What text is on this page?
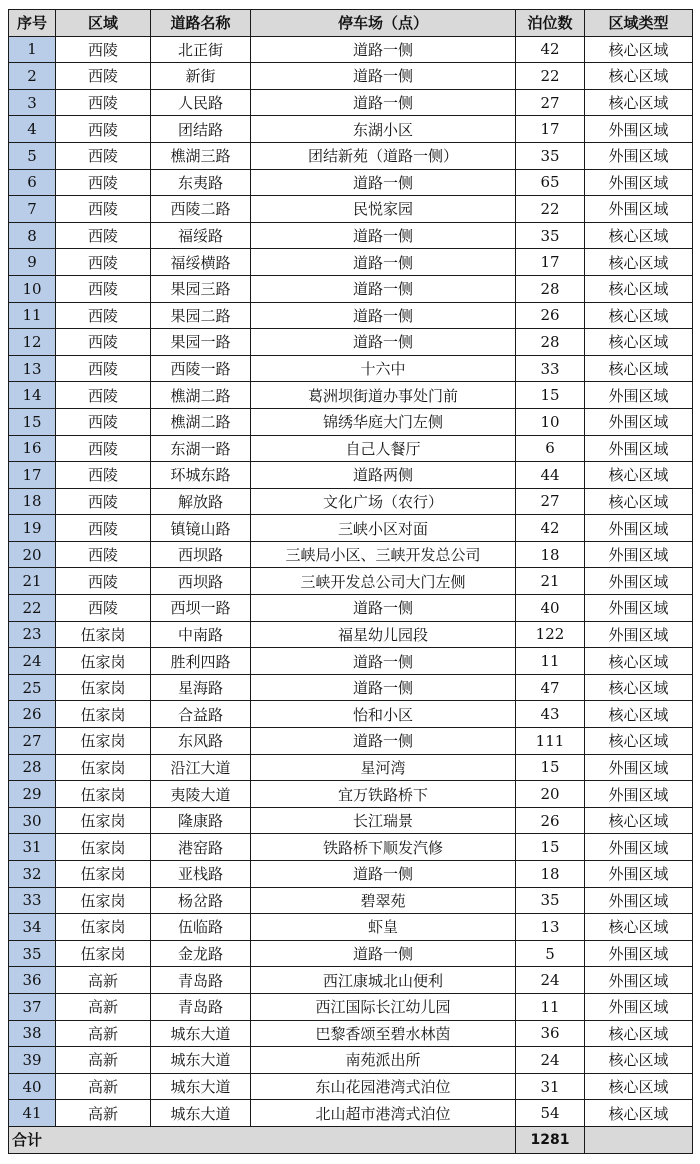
序号	区域	道路名称	停车场（点）	泊位数	区域类型
1	西陵	北正街	道路一侧	42	核心区域
2	西陵	新街	道路一侧	22	核心区域
3	西陵	人民路	道路一侧	27	核心区域
4	西陵	团结路	东湖小区	17	外围区域
5	西陵	樵湖三路	团结新苑（道路一侧）	35	外围区域
6	西陵	东夷路	道路一侧	65	外围区域
7	西陵	西陵二路	民悦家园	22	外围区域
8	西陵	福绥路	道路一侧	35	核心区域
9	西陵	福绥横路	道路一侧	17	核心区域
10	西陵	果园三路	道路一侧	28	核心区域
11	西陵	果园二路	道路一侧	26	核心区域
12	西陵	果园一路	道路一侧	28	核心区域
13	西陵	西陵一路	十六中	33	核心区域
14	西陵	樵湖二路	葛洲坝街道办事处门前	15	外围区域
15	西陵	樵湖二路	锦绣华庭大门左侧	10	外围区域
16	西陵	东湖一路	自己人餐厅	6	外围区域
17	西陵	环城东路	道路两侧	44	核心区域
18	西陵	解放路	文化广场（农行）	27	核心区域
19	西陵	镇镜山路	三峡小区对面	42	外围区域
20	西陵	西坝路	三峡局小区、三峡开发总公司	18	外围区域
21	西陵	西坝路	三峡开发总公司大门左侧	21	外围区域
22	西陵	西坝一路	道路一侧	40	外围区域
23	伍家岗	中南路	福星幼儿园段	122	外围区域
24	伍家岗	胜利四路	道路一侧	11	核心区域
25	伍家岗	星海路	道路一侧	47	核心区域
26	伍家岗	合益路	怡和小区	43	核心区域
27	伍家岗	东风路	道路一侧	111	核心区域
28	伍家岗	沿江大道	星河湾	15	外围区域
29	伍家岗	夷陵大道	宜万铁路桥下	20	外围区域
30	伍家岗	隆康路	长江瑞景	26	核心区域
31	伍家岗	港窑路	铁路桥下顺发汽修	15	外围区域
32	伍家岗	亚栈路	道路一侧	18	外围区域
33	伍家岗	杨岔路	碧翠苑	35	外围区域
34	伍家岗	伍临路	虾皇	13	核心区域
35	伍家岗	金龙路	道路一侧	5	外围区域
36	高新	青岛路	西江康城北山便利	24	外围区域
37	高新	青岛路	西江国际长江幼儿园	11	外围区域
38	高新	城东大道	巴黎香颂至碧水林茵	36	核心区域
39	高新	城东大道	南苑派出所	24	核心区域
40	高新	城东大道	东山花园港湾式泊位	31	核心区域
41	高新	城东大道	北山超市港湾式泊位	54	核心区域
合计				1281	
